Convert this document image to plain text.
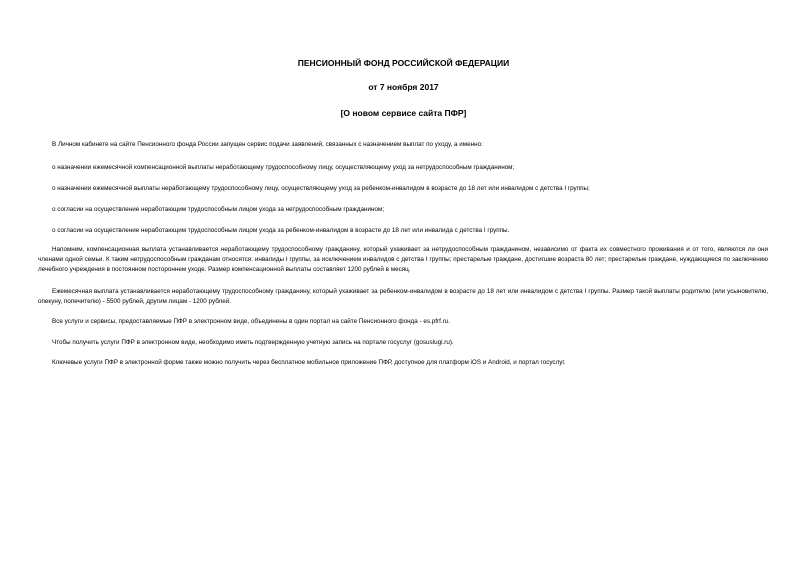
ПЕНСИОННЫЙ ФОНД РОССИЙСКОЙ ФЕДЕРАЦИИ
от 7 ноября 2017
[О новом сервисе сайта ПФР]
В Личном кабинете на сайте Пенсионного фонда России запущен сервис подачи заявлений, связанных с назначением выплат по уходу, а именно:
о назначении ежемесячной компенсационной выплаты неработающему трудоспособному лицу, осуществляющему уход за нетрудоспособным гражданином;
о назначении ежемесячной выплаты неработающему трудоспособному лицу, осуществляющему уход за ребенком-инвалидом в возрасте до 18 лет или инвалидом с детства I группы;
о согласии на осуществление неработающим трудоспособным лицом ухода за нетрудоспособным гражданином;
о согласии на осуществление неработающим трудоспособным лицом ухода за ребенком-инвалидом в возрасте до 18 лет или инвалида с детства I группы.
Напомним, компенсационная выплата устанавливается неработающему трудоспособному гражданину, который ухаживает за нетрудоспособным гражданином, независимо от факта их совместного проживания и от того, являются ли они членами одной семьи. К таким нетрудоспособным гражданам относятся: инвалиды I группы, за исключением инвалидов с детства I группы; престарелые граждане, достигшие возраста 80 лет; престарелые граждане, нуждающиеся по заключению лечебного учреждения в постоянном постороннем уходе. Размер компенсационной выплаты составляет 1200 рублей в месяц.
Ежемесячная выплата устанавливается неработающему трудоспособному гражданину, который ухаживает за ребенком-инвалидом в возрасте до 18 лет или инвалидом с детства I группы. Размер такой выплаты родителю (или усыновителю, опекуну, попечителю) - 5500 рублей, другим лицам - 1200 рублей.
Все услуги и сервисы, предоставляемые ПФР в электронном виде, объединены в один портал на сайте Пенсионного фонда - es.pfrf.ru.
Чтобы получить услуги ПФР в электронном виде, необходимо иметь подтвержденную учетную запись на портале госуслуг (gosuslugi.ru).
Ключевые услуги ПФР в электронной форме также можно получить через бесплатное мобильное приложение ПФР, доступное для платформ iOS и Android, и портал госуслуг.
